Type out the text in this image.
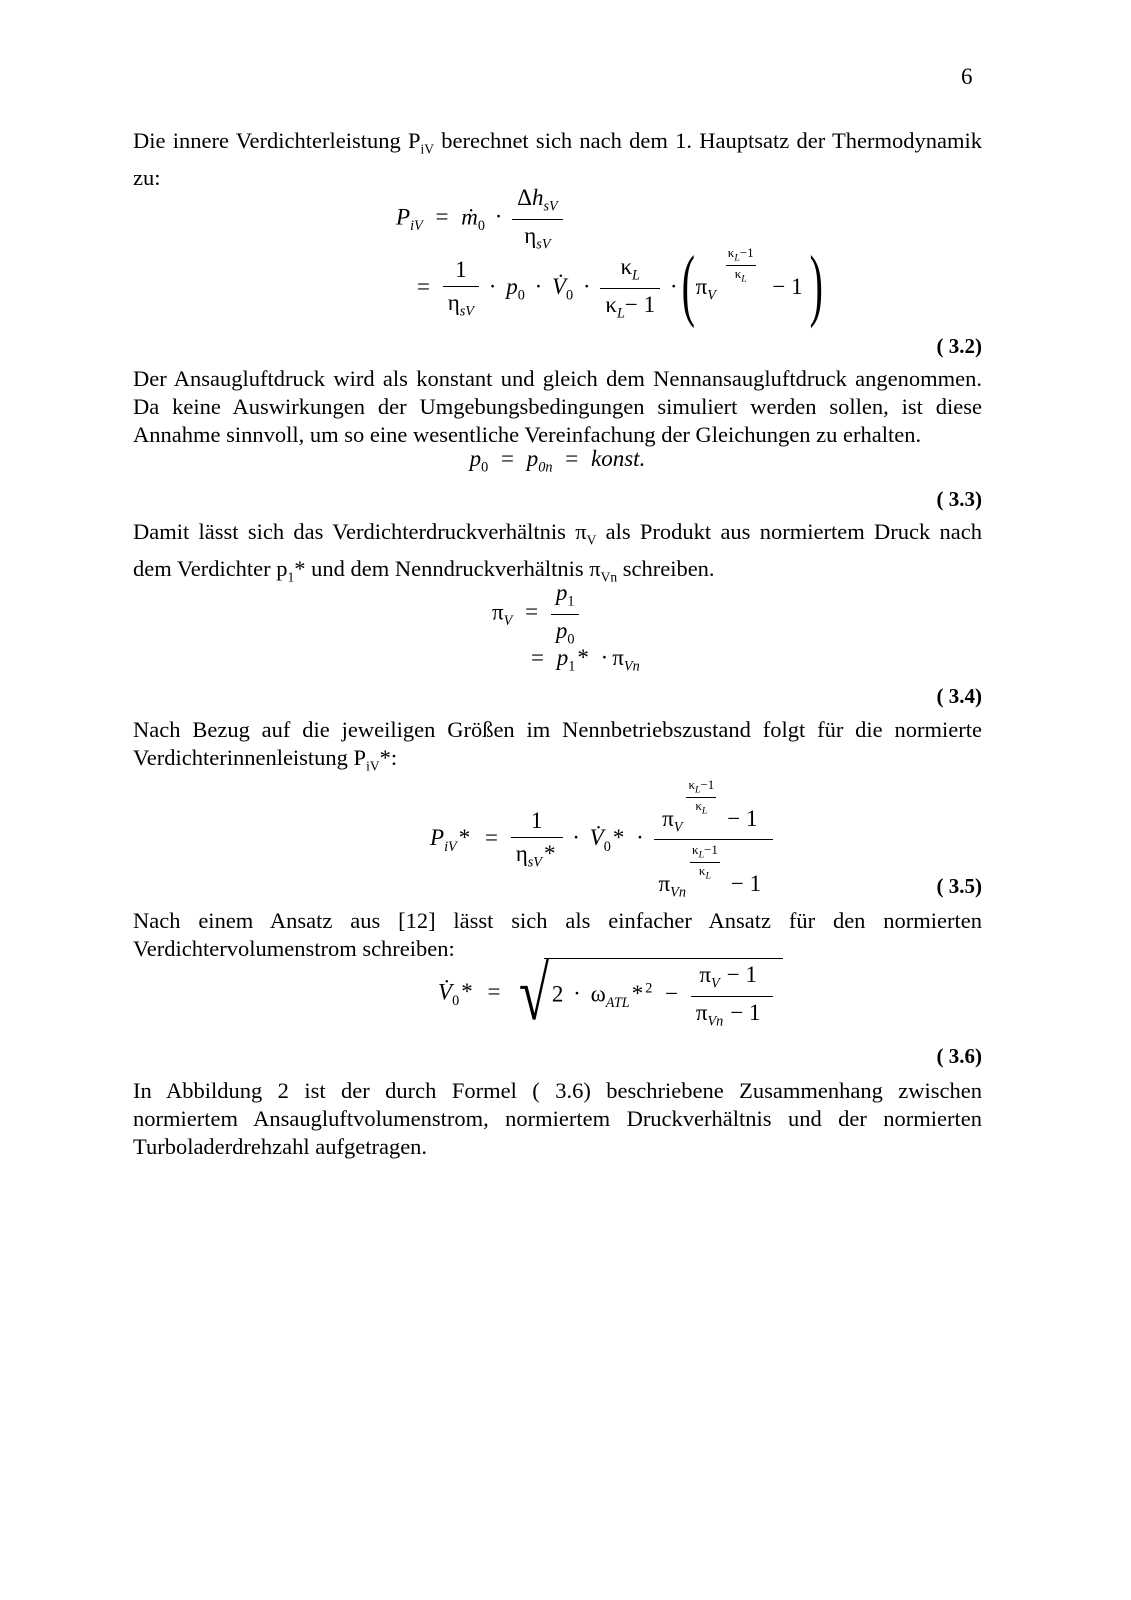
6

Die innere Verdichterleistung $P_{iV}$ berechnet sich nach dem 1. Hauptsatz der Thermodynamik zu:

$P_{iV}$ = ṁ$_0$ · $\frac{\Delta h_{sV}}{\eta_{sV}}$
= $\frac{1}{\eta_{sV}} \cdot p_0$ · $V̇_0 \cdot \frac{\kappa_L}{\kappa_L- 1}$ · ( $\pi_V$
$\frac{\kappa_L-1}{\kappa_L}$
− 1 )
( 3.2)

Der Ansaugluftdruck wird als konstant und gleich dem Nennansaugluftdruck angenommen. Da keine Auswirkungen der Umgebungsbedingungen simuliert werden sollen, ist diese Annahme sinnvoll, um so eine wesentliche Vereinfachung der Gleichungen zu erhalten.

$p_0 = p_{0n}$ = konst.
( 3.3)

Damit lässt sich das Verdichterdruckverhältnis $\pi_V$ als Produkt aus normiertem Druck nach dem Verdichter $p_1*$ und dem Nenndruckverhältnis $\pi_{Vn}$ schreiben.

$\pi_V = \frac{p_1}{p_0}$
= $p_1* \cdot \pi_{Vn}$
( 3.4)

Nach Bezug auf die jeweiligen Größen im Nennbetriebszustand folgt für die normierte Verdichterinnenleistung $P_{iV}*$:

$P_{iV}* = \frac{1}{\eta_{sV}*}$ · $V̇_0* \cdot \pi_V$
$\frac{\kappa_L-1}{\kappa_L}$
− 1
$\pi_{Vn}$
$\frac{\kappa_L-1}{\kappa_L}$
− 1	( 3.5)

Nach einem Ansatz aus [12] lässt sich als einfacher Ansatz für den normierten Verdichtervolumenstrom schreiben:

$V̇_0*$ = √ $2 \cdot \omega_{ATL}*$ $^2 - \frac{\pi_V - 1}{\pi_{Vn} - 1}$
( 3.6)

In Abbildung 2 ist der durch Formel ( 3.6) beschriebene Zusammenhang zwischen normiertem Ansaugluftvolumenstrom, normiertem Druckverhältnis und der normierten Turboladerdrehzahl aufgetragen.
